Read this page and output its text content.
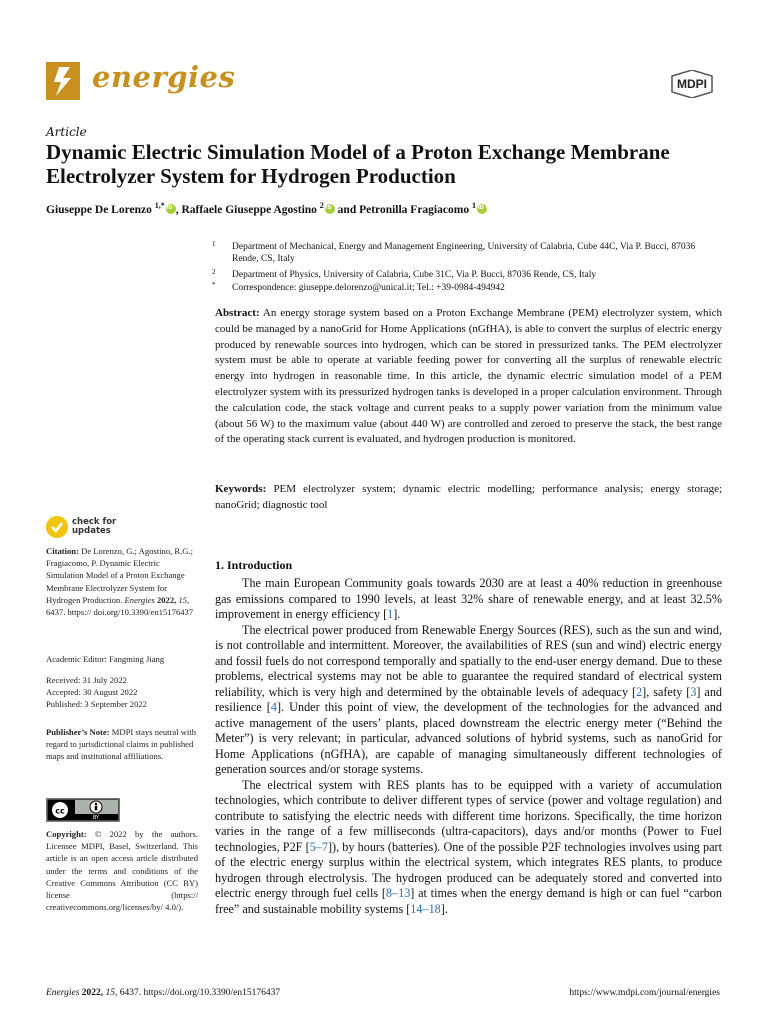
energies	MDPI
Article
Dynamic Electric Simulation Model of a Proton Exchange Membrane Electrolyzer System for Hydrogen Production
Giuseppe De Lorenzo $^{1,*}$ iD , Raffaele Giuseppe Agostino $^2$ iD and Petronilla Fragiacomo $^1$iD
1 Department of Mechanical, Energy and Management Engineering, University of Calabria, Cube 44C, Via P. Bucci, 87036 Rende, CS, Italy
2 Department of Physics, University of Calabria, Cube 31C, Via P. Bucci, 87036 Rende, CS, Italy
* Correspondence: giuseppe.delorenzo@unical.it; Tel.: +39-0984-494942
Abstract: An energy storage system based on a Proton Exchange Membrane (PEM) electrolyzer system, which could be managed by a nanoGrid for Home Applications (nGfHA), is able to convert the surplus of electric energy produced by renewable sources into hydrogen, which can be stored in pressurized tanks. The PEM electrolyzer system must be able to operate at variable feeding power for converting all the surplus of renewable electric energy into hydrogen in reasonable time. In this article, the dynamic electric simulation model of a PEM electrolyzer system with its pressurized hydrogen tanks is developed in a proper calculation environment. Through the calculation code, the stack voltage and current peaks to a supply power variation from the minimum value (about 56 W) to the maximum value (about 440 W) are controlled and zeroed to preserve the stack, the best range of the operating stack current is evaluated, and hydrogen production is monitored.
Keywords: PEM electrolyzer system; dynamic electric modelling; performance analysis; energy storage; nanoGrid; diagnostic tool
check for
updates
Citation: De Lorenzo, G.; Agostino, R.G.; Fragiacomo, P. Dynamic Electric Simulation Model of a Proton Exchange Membrane Electrolyzer System for Hydrogen Production. Energies 2022, 15, 6437. https:// doi.org/10.3390/en15176437
Academic Editor: Fangming Jiang
Received: 31 July 2022
Accepted: 30 August 2022
Published: 3 September 2022
Publisher’s Note: MDPI stays neutral with regard to jurisdictional claims in published maps and institutional affiliations.
cc
BY
Copyright: © 2022 by the authors. Licensee MDPI, Basel, Switzerland. This article is an open access article distributed under the terms and conditions of the Creative Commons Attribution (CC BY) license (https:// creativecommons.org/licenses/by/ 4.0/).
1. Introduction

The main European Community goals towards 2030 are at least a 40% reduction in greenhouse gas emissions compared to 1990 levels, at least 32% share of renewable energy, and at least 32.5% improvement in energy efficiency [1].

The electrical power produced from Renewable Energy Sources (RES), such as the sun and wind, is not controllable and intermittent. Moreover, the availabilities of RES (sun and wind) electric energy and fossil fuels do not correspond temporally and spatially to the end-user energy demand. Due to these problems, electrical systems may not be able to guarantee the required standard of electrical system reliability, which is very high and determined by the obtainable levels of adequacy [2], safety [3] and resilience [4]. Under this point of view, the development of the technologies for the advanced and active management of the users’ plants, placed downstream the electric energy meter (“Behind the Meter”) is very relevant; in particular, advanced solutions of hybrid systems, such as nanoGrid for Home Applications (nGfHA), are capable of managing simultaneously different technologies of generation sources and/or storage systems.

The electrical system with RES plants has to be equipped with a variety of accumulation technologies, which contribute to deliver different types of service (power and voltage regulation) and contribute to satisfying the electric needs with different time horizons. Specifically, the time horizon varies in the range of a few milliseconds (ultra-capacitors), days and/or months (Power to Fuel technologies, P2F [5–7]), by hours (batteries). One of the possible P2F technologies involves using part of the electric energy surplus within the electrical system, which integrates RES plants, to produce hydrogen through electrolysis. The hydrogen produced can be adequately stored and converted into electric energy through fuel cells [8–13] at times when the energy demand is high or can fuel “carbon free” and sustainable mobility systems [14–18].

Energies 2022, 15, 6437. https://doi.org/10.3390/en15176437	https://www.mdpi.com/journal/energies
